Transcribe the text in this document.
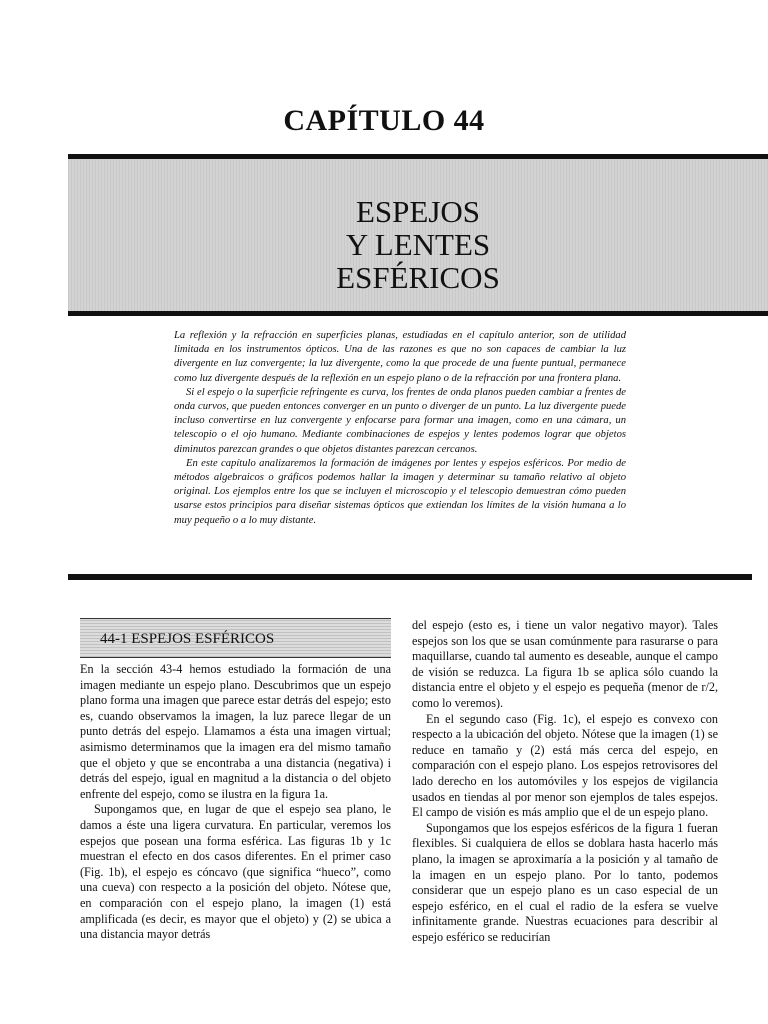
CAPÍTULO 44
ESPEJOS
Y LENTES
ESFÉRICOS

La reflexión y la refracción en superficies planas, estudiadas en el capítulo anterior, son de utilidad limitada en los instrumentos ópticos. Una de las razones es que no son capaces de cambiar la luz divergente en luz convergente; la luz divergente, como la que procede de una fuente puntual, permanece como luz divergente después de la reflexión en un espejo plano o de la refracción por una frontera plana.

Si el espejo o la superficie refringente es curva, los frentes de onda planos pueden cambiar a frentes de onda curvos, que pueden entonces converger en un punto o diverger de un punto. La luz divergente puede incluso convertirse en luz convergente y enfocarse para formar una imagen, como en una cámara, un telescopio o el ojo humano. Mediante combinaciones de espejos y lentes podemos lograr que objetos diminutos parezcan grandes o que objetos distantes parezcan cercanos.

En este capítulo analizaremos la formación de imágenes por lentes y espejos esféricos. Por medio de métodos algebraicos o gráficos podemos hallar la imagen y determinar su tamaño relativo al objeto original. Los ejemplos entre los que se incluyen el microscopio y el telescopio demuestran cómo pueden usarse estos principios para diseñar sistemas ópticos que extiendan los límites de la visión humana a lo muy pequeño o a lo muy distante.

44-1 ESPEJOS ESFÉRICOS

En la sección 43-4 hemos estudiado la formación de una imagen mediante un espejo plano. Descubrimos que un espejo plano forma una imagen que parece estar detrás del espejo; esto es, cuando observamos la imagen, la luz parece llegar de un punto detrás del espejo. Llamamos a ésta una imagen virtual; asimismo determinamos que la imagen era del mismo tamaño que el objeto y que se encontraba a una distancia (negativa) i detrás del espejo, igual en magnitud a la distancia o del objeto enfrente del espejo, como se ilustra en la figura 1a.

Supongamos que, en lugar de que el espejo sea plano, le damos a éste una ligera curvatura. En particular, veremos los espejos que posean una forma esférica. Las figuras 1b y 1c muestran el efecto en dos casos diferentes. En el primer caso (Fig. 1b), el espejo es cóncavo (que significa “hueco”, como una cueva) con respecto a la posición del objeto. Nótese que, en comparación con el espejo plano, la imagen (1) está amplificada (es decir, es mayor que el objeto) y (2) se ubica a una distancia mayor detrás

del espejo (esto es, i tiene un valor negativo mayor). Tales espejos son los que se usan comúnmente para rasurarse o para maquillarse, cuando tal aumento es deseable, aunque el campo de visión se reduzca. La figura 1b se aplica sólo cuando la distancia entre el objeto y el espejo es pequeña (menor de r/2, como lo veremos).

En el segundo caso (Fig. 1c), el espejo es convexo con respecto a la ubicación del objeto. Nótese que la imagen (1) se reduce en tamaño y (2) está más cerca del espejo, en comparación con el espejo plano. Los espejos retrovisores del lado derecho en los automóviles y los espejos de vigilancia usados en tiendas al por menor son ejemplos de tales espejos. El campo de visión es más amplio que el de un espejo plano.

Supongamos que los espejos esféricos de la figura 1 fueran flexibles. Si cualquiera de ellos se doblara hasta hacerlo más plano, la imagen se aproximaría a la posición y al tamaño de la imagen en un espejo plano. Por lo tanto, podemos considerar que un espejo plano es un caso especial de un espejo esférico, en el cual el radio de la esfera se vuelve infinitamente grande. Nuestras ecuaciones para describir al espejo esférico se reducirían
